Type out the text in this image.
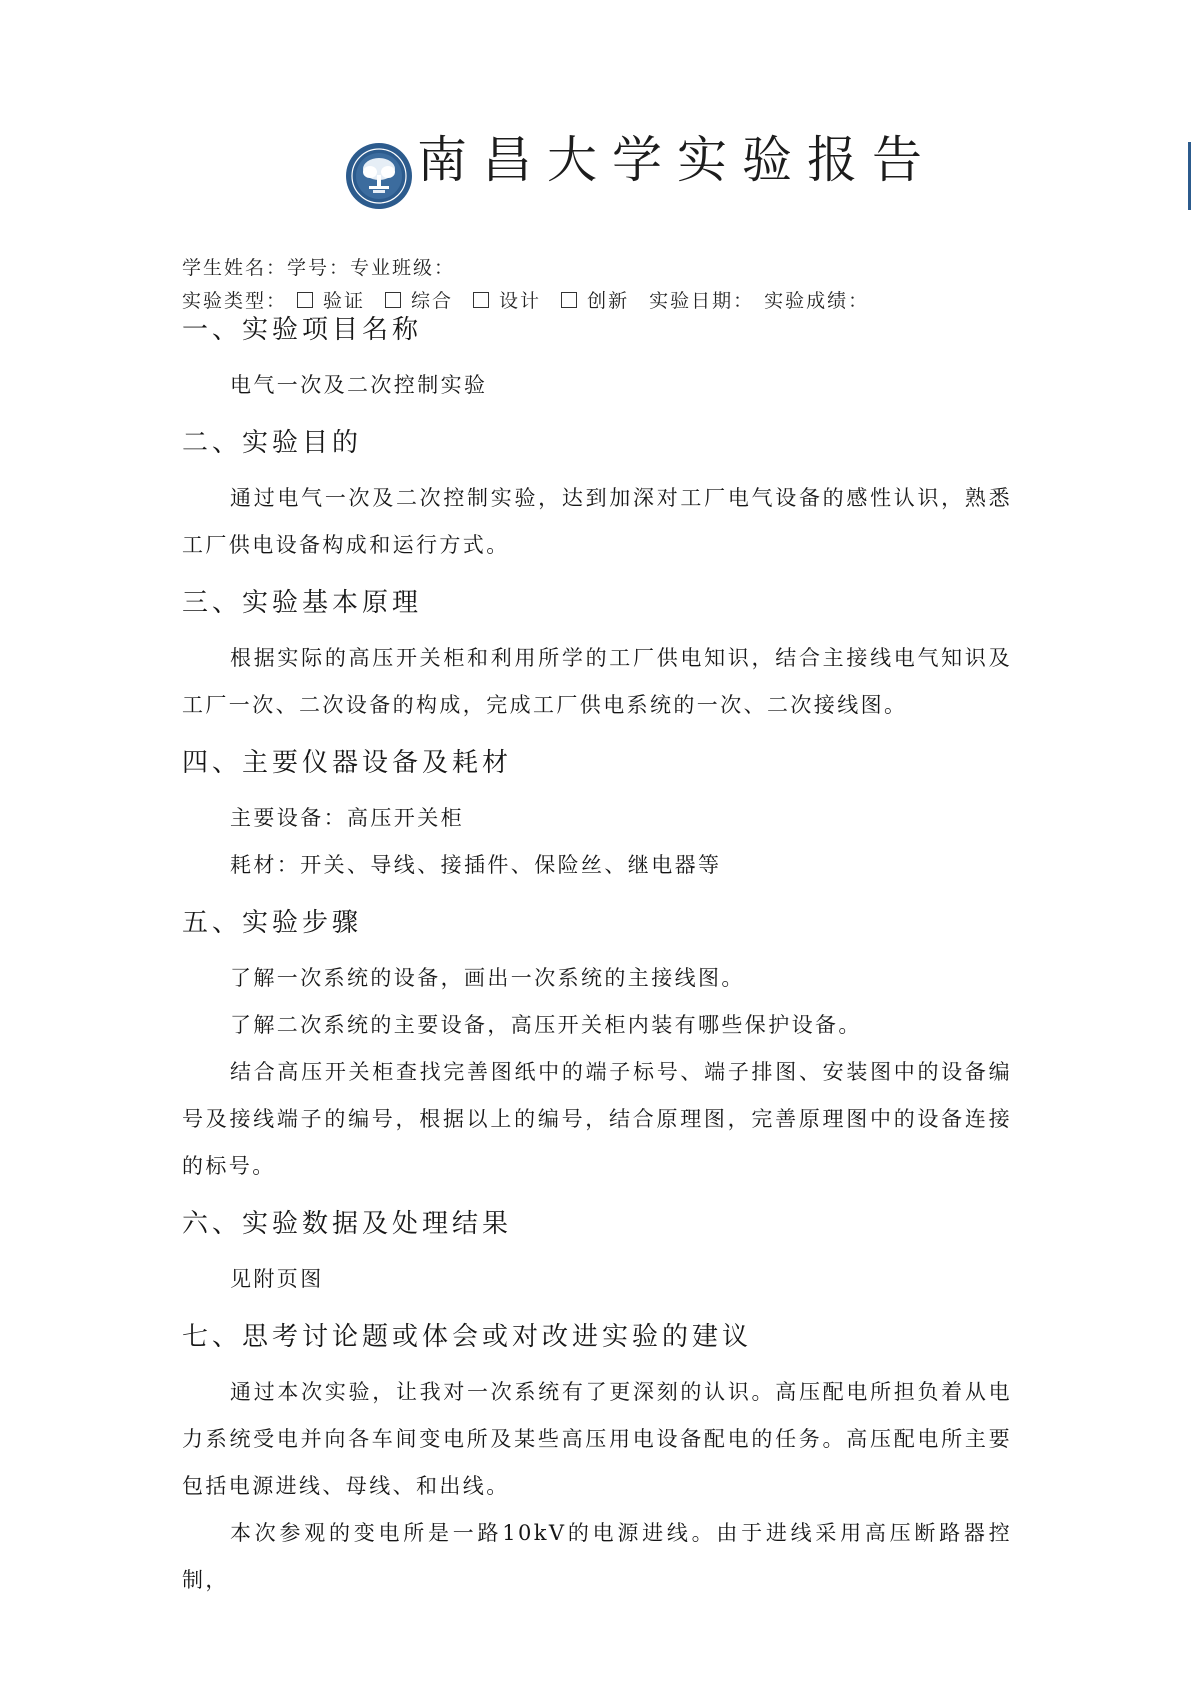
南昌大学实验报告
学生姓名：学号：专业班级：
实验类型： 验证 综合 设计 创新 实验日期： 实验成绩：
一、实验项目名称

电气一次及二次控制实验

二、实验目的

通过电气一次及二次控制实验，达到加深对工厂电气设备的感性认识，熟悉工厂供电设备构成和运行方式。

三、实验基本原理

根据实际的高压开关柜和利用所学的工厂供电知识，结合主接线电气知识及工厂一次、二次设备的构成，完成工厂供电系统的一次、二次接线图。

四、主要仪器设备及耗材

主要设备：高压开关柜

耗材：开关、导线、接插件、保险丝、继电器等

五、实验步骤

了解一次系统的设备，画出一次系统的主接线图。

了解二次系统的主要设备，高压开关柜内装有哪些保护设备。

结合高压开关柜查找完善图纸中的端子标号、端子排图、安装图中的设备编号及接线端子的编号，根据以上的编号，结合原理图，完善原理图中的设备连接的标号。

六、实验数据及处理结果

见附页图

七、思考讨论题或体会或对改进实验的建议

通过本次实验，让我对一次系统有了更深刻的认识。高压配电所担负着从电力系统受电并向各车间变电所及某些高压用电设备配电的任务。高压配电所主要包括电源进线、母线、和出线。

本次参观的变电所是一路10kV的电源进线。由于进线采用高压断路器控制，
